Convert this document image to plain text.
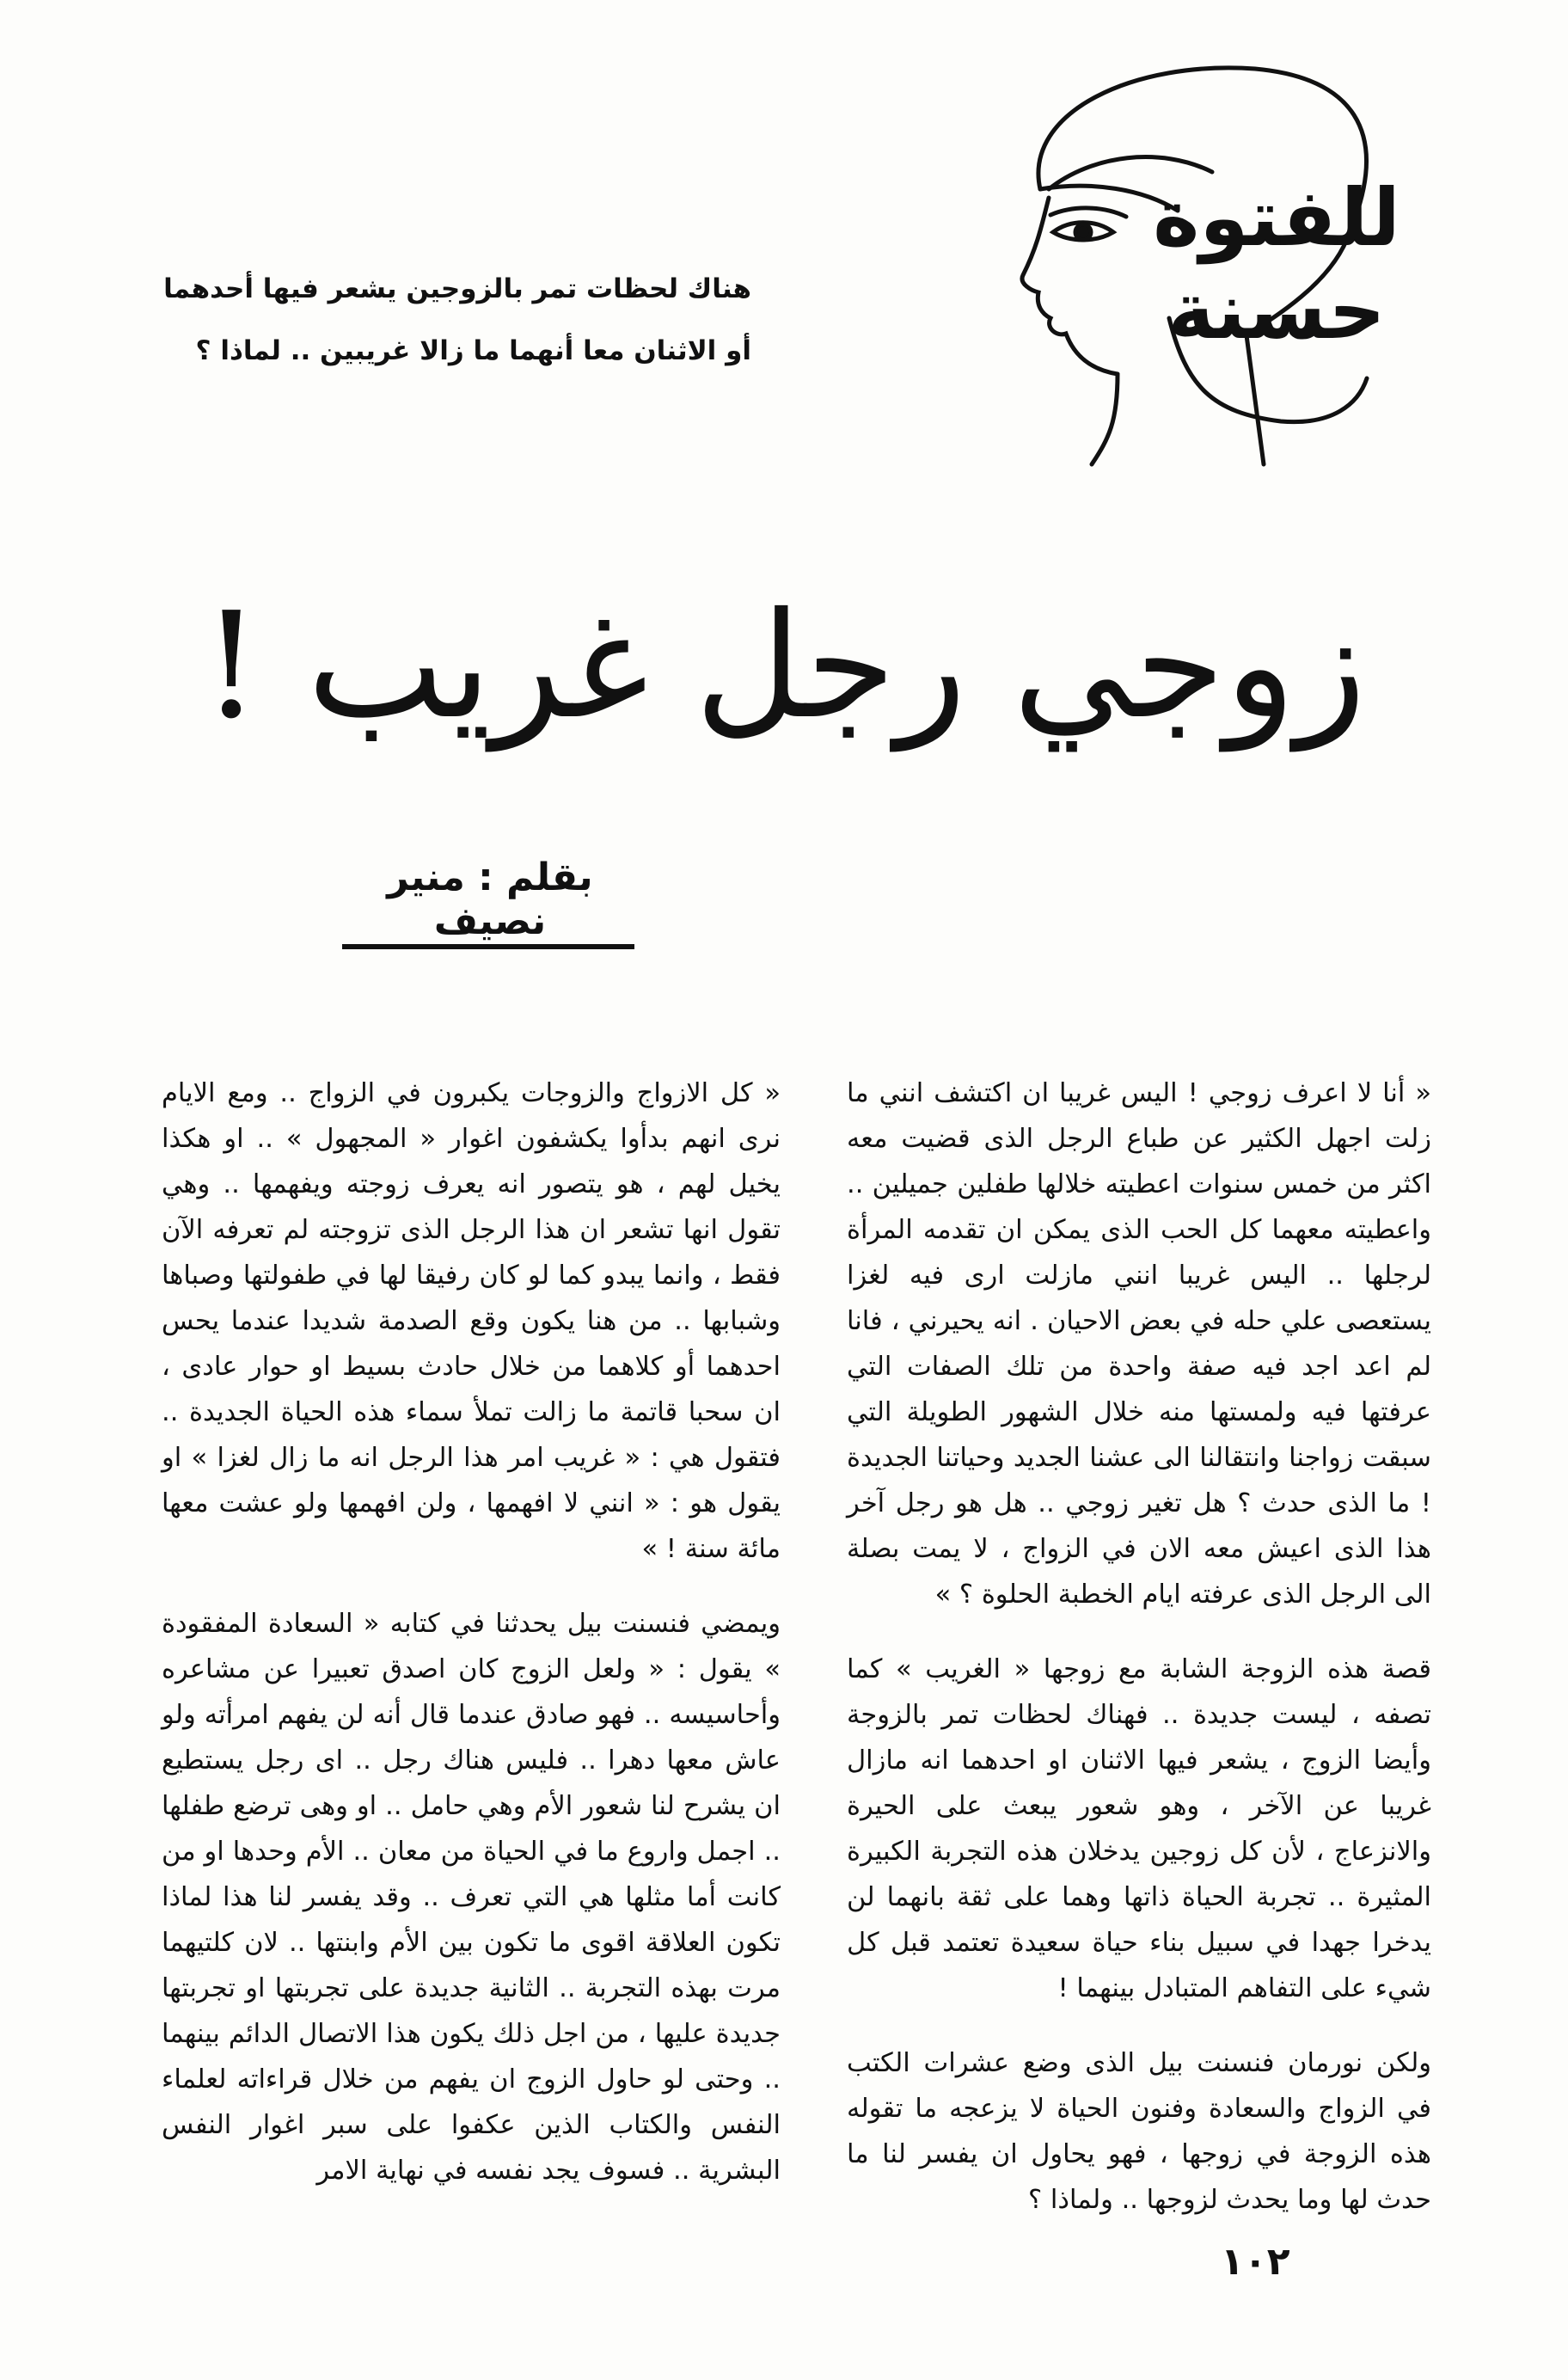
للفتوة حسنة
هناك لحظات تمر بالزوجين يشعر فيها أحدهما
أو الاثنان معا أنهما ما زالا غريبين .. لماذا ؟
زوجي رجل غريب !
بقلم : منير نصيف

« أنا لا اعرف زوجي ! اليس غريبا ان اكتشف انني ما زلت اجهل الكثير عن طباع الرجل الذى قضيت معه اكثر من خمس سنوات اعطيته خلالها طفلين جميلين .. واعطيته معهما كل الحب الذى يمكن ان تقدمه المرأة لرجلها .. اليس غريبا انني مازلت ارى فيه لغزا يستعصى علي حله في بعض الاحيان . انه يحيرني ، فانا لم اعد اجد فيه صفة واحدة من تلك الصفات التي عرفتها فيه ولمستها منه خلال الشهور الطويلة التي سبقت زواجنا وانتقالنا الى عشنا الجديد وحياتنا الجديدة ! ما الذى حدث ؟ هل تغير زوجي .. هل هو رجل آخر هذا الذى اعيش معه الان في الزواج ، لا يمت بصلة الى الرجل الذى عرفته ايام الخطبة الحلوة ؟ »

قصة هذه الزوجة الشابة مع زوجها « الغريب » كما تصفه ، ليست جديدة .. فهناك لحظات تمر بالزوجة وأيضا الزوج ، يشعر فيها الاثنان او احدهما انه مازال غريبا عن الآخر ، وهو شعور يبعث على الحيرة والانزعاج ، لأن كل زوجين يدخلان هذه التجربة الكبيرة المثيرة .. تجربة الحياة ذاتها وهما على ثقة بانهما لن يدخرا جهدا في سبيل بناء حياة سعيدة تعتمد قبل كل شيء على التفاهم المتبادل بينهما !

ولكن نورمان فنسنت بيل الذى وضع عشرات الكتب في الزواج والسعادة وفنون الحياة لا يزعجه ما تقوله هذه الزوجة في زوجها ، فهو يحاول ان يفسر لنا ما حدث لها وما يحدث لزوجها .. ولماذا ؟

« كل الازواج والزوجات يكبرون في الزواج .. ومع الايام نرى انهم بدأوا يكشفون اغوار « المجهول » .. او هكذا يخيل لهم ، هو يتصور انه يعرف زوجته ويفهمها .. وهي تقول انها تشعر ان هذا الرجل الذى تزوجته لم تعرفه الآن فقط ، وانما يبدو كما لو كان رفيقا لها في طفولتها وصباها وشبابها .. من هنا يكون وقع الصدمة شديدا عندما يحس احدهما أو كلاهما من خلال حادث بسيط او حوار عادى ، ان سحبا قاتمة ما زالت تملأ سماء هذه الحياة الجديدة .. فتقول هي : « غريب امر هذا الرجل انه ما زال لغزا » او يقول هو : « انني لا افهمها ، ولن افهمها ولو عشت معها مائة سنة ! »

ويمضي فنسنت بيل يحدثنا في كتابه « السعادة المفقودة » يقول : « ولعل الزوج كان اصدق تعبيرا عن مشاعره وأحاسيسه .. فهو صادق عندما قال أنه لن يفهم امرأته ولو عاش معها دهرا .. فليس هناك رجل .. اى رجل يستطيع ان يشرح لنا شعور الأم وهي حامل .. او وهى ترضع طفلها .. اجمل واروع ما في الحياة من معان .. الأم وحدها او من كانت أما مثلها هي التي تعرف .. وقد يفسر لنا هذا لماذا تكون العلاقة اقوى ما تكون بين الأم وابنتها .. لان كلتيهما مرت بهذه التجربة .. الثانية جديدة على تجربتها او تجربتها جديدة عليها ، من اجل ذلك يكون هذا الاتصال الدائم بينهما .. وحتى لو حاول الزوج ان يفهم من خلال قراءاته لعلماء النفس والكتاب الذين عكفوا على سبر اغوار النفس البشرية .. فسوف يجد نفسه في نهاية الامر

١٠٢
